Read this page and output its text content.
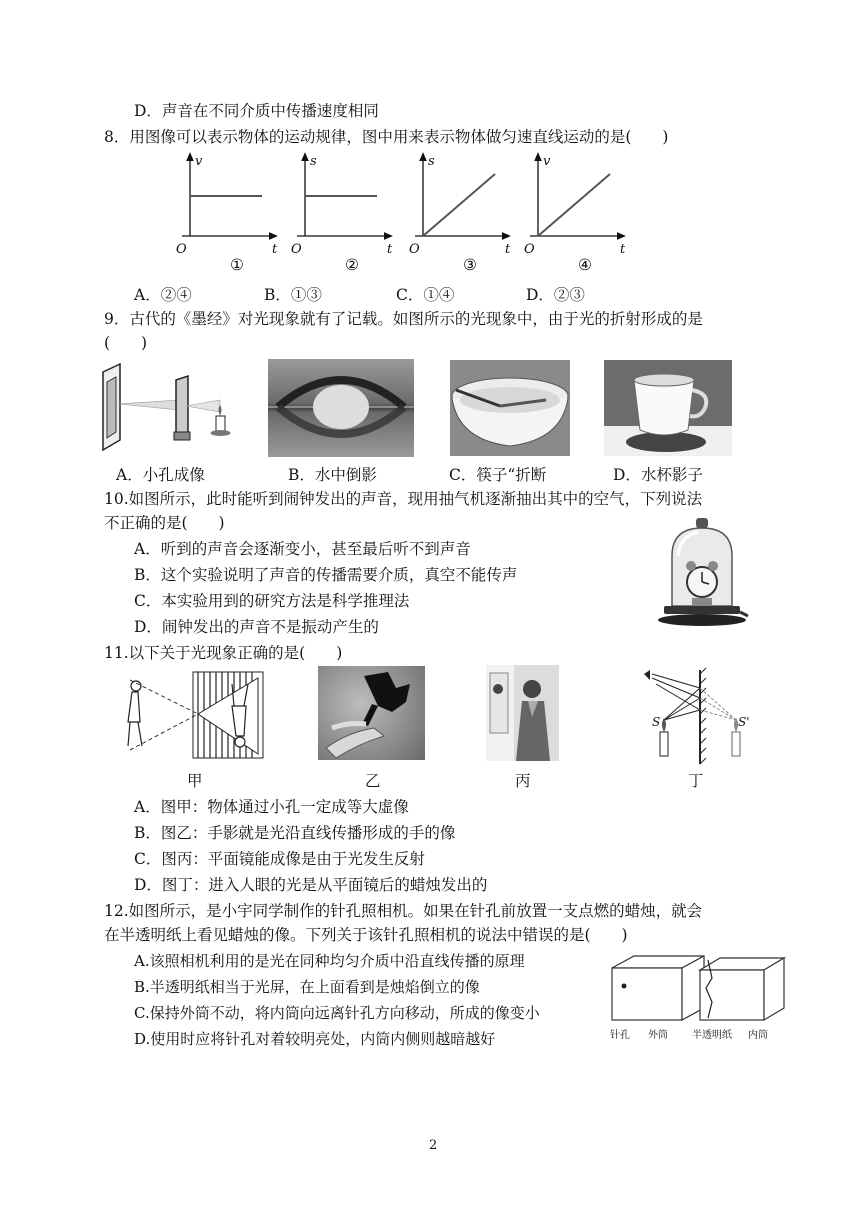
D．声音在不同介质中传播速度相同
8．用图像可以表示物体的运动规律，图中用来表示物体做匀速直线运动的是(　　)
v
t
O
s
t
O
s
t
O
v
t
O
①	②	③	④
A．②④	B．①③	C．①④	D．②③
9．古代的《墨经》对光现象就有了记载。如图所示的光现象中，由于光的折射形成的是
(　　)
A．小孔成像	B．水中倒影	C．筷子“折断	D．水杯影子
10.如图所示，此时能听到闹钟发出的声音，现用抽气机逐渐抽出其中的空气，下列说法
不正确的是(　　)
A．听到的声音会逐渐变小，甚至最后听不到声音
B．这个实验说明了声音的传播需要介质，真空不能传声
C．本实验用到的研究方法是科学推理法
D．闹钟发出的声音不是振动产生的
11.以下关于光现象正确的是(　　)
S	S'
甲	乙	丙	丁
A．图甲：物体通过小孔一定成等大虚像
B．图乙：手影就是光沿直线传播形成的手的像
C．图丙：平面镜能成像是由于光发生反射
D．图丁：进入人眼的光是从平面镜后的蜡烛发出的
12.如图所示，是小宇同学制作的针孔照相机。如果在针孔前放置一支点燃的蜡烛，就会
在半透明纸上看见蜡烛的像。下列关于该针孔照相机的说法中错误的是(　　)
A.该照相机利用的是光在同种均匀介质中沿直线传播的原理
B.半透明纸相当于光屏，在上面看到是烛焰倒立的像
C.保持外筒不动，将内筒向远离针孔方向移动，所成的像变小
D.使用时应将针孔对着较明亮处，内筒内侧则越暗越好	针孔 外筒 半透明纸 内筒
2
